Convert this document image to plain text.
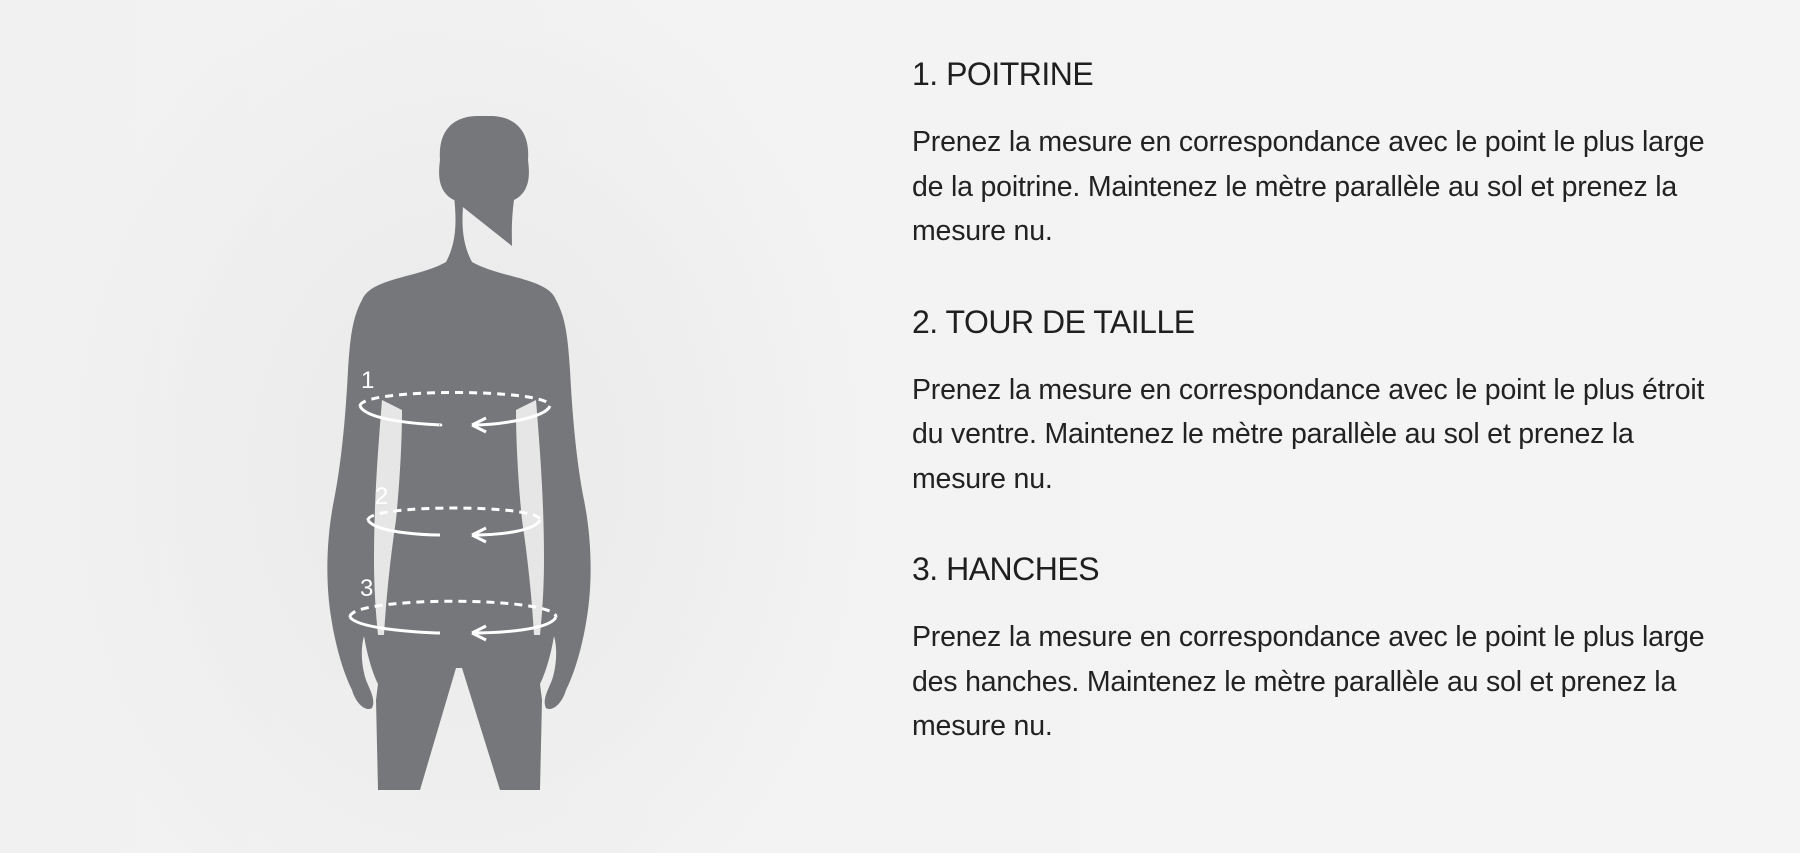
1
2
3
1. POITRINE

Prenez la mesure en correspondance avec le point le plus large de la poitrine. Maintenez le mètre parallèle au sol et prenez la mesure nu.

2. TOUR DE TAILLE

Prenez la mesure en correspondance avec le point le plus étroit du ventre. Maintenez le mètre parallèle au sol et prenez la mesure nu.

3. HANCHES

Prenez la mesure en correspondance avec le point le plus large des hanches. Maintenez le mètre parallèle au sol et prenez la mesure nu.
